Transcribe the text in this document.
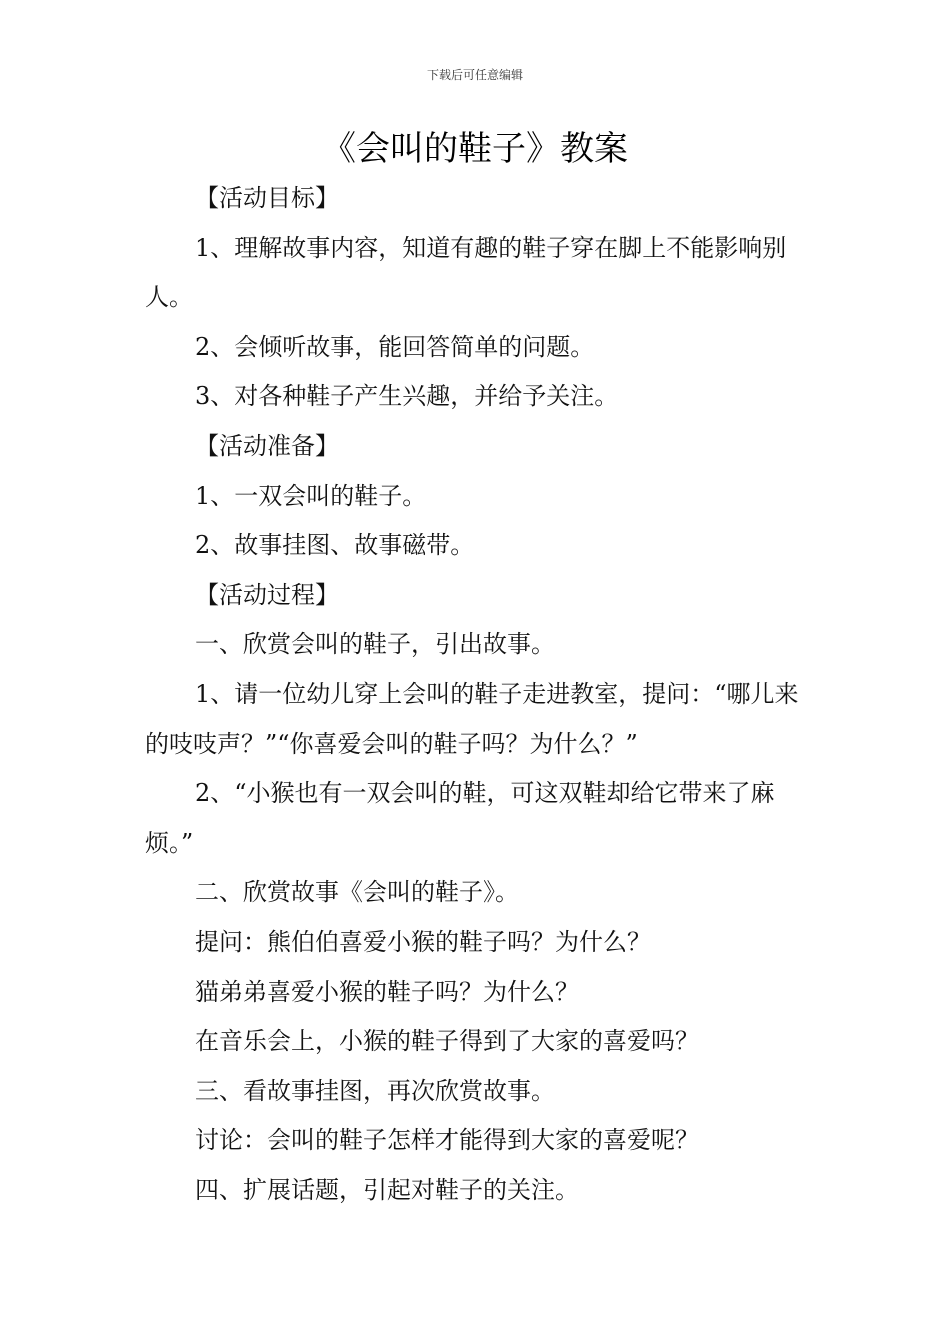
下载后可任意编辑
《会叫的鞋子》教案

【活动目标】

1、理解故事内容，知道有趣的鞋子穿在脚上不能影响别人。

2、会倾听故事，能回答简单的问题。

3、对各种鞋子产生兴趣，并给予关注。

【活动准备】

1、一双会叫的鞋子。

2、故事挂图、故事磁带。

【活动过程】

一、欣赏会叫的鞋子，引出故事。

1、请一位幼儿穿上会叫的鞋子走进教室，提问：“哪儿来的吱吱声？”“你喜爱会叫的鞋子吗？为什么？”

2、“小猴也有一双会叫的鞋，可这双鞋却给它带来了麻烦。”

二、欣赏故事《会叫的鞋子》。

提问：熊伯伯喜爱小猴的鞋子吗？为什么？

猫弟弟喜爱小猴的鞋子吗？为什么？

在音乐会上，小猴的鞋子得到了大家的喜爱吗？

三、看故事挂图，再次欣赏故事。

讨论：会叫的鞋子怎样才能得到大家的喜爱呢？

四、扩展话题，引起对鞋子的关注。
